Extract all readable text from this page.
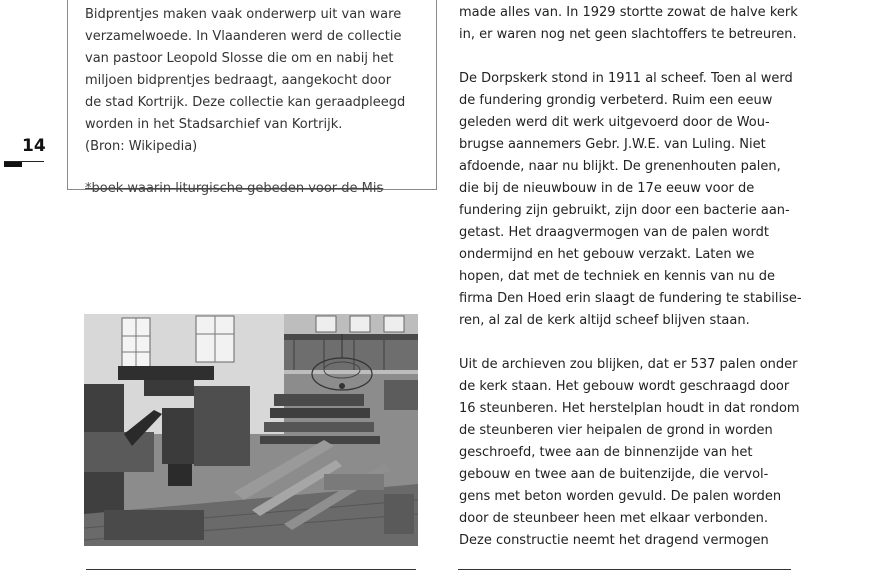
14

Bidprentjes maken vaak onderwerp uit van ware

verzamelwoede. In Vlaanderen werd de collectie

van pastoor Leopold Slosse die om en nabij het

miljoen bidprentjes bedraagt, aangekocht door

de stad Kortrijk. Deze collectie kan geraadpleegd

worden in het Stadsarchief van Kortrijk.

(Bron: Wikipedia)

*boek waarin liturgische gebeden voor de Mis

made alles van. In 1929 stortte zowat de halve kerk
in, er waren nog net geen slachtoffers te betreuren.

De Dorpskerk stond in 1911 al scheef. Toen al werd
de fundering grondig verbeterd. Ruim een eeuw
geleden werd dit werk uitgevoerd door de Wou-
brugse aannemers Gebr. J.W.E. van Luling. Niet
afdoende, naar nu blijkt. De grenenhouten palen,
die bij de nieuwbouw in de 17e eeuw voor de
fundering zijn gebruikt, zijn door een bacterie aan-
getast. Het draagvermogen van de palen wordt
ondermijnd en het gebouw verzakt. Laten we
hopen, dat met de techniek en kennis van nu de
firma Den Hoed erin slaagt de fundering te stabilise-
ren, al zal de kerk altijd scheef blijven staan.

Uit de archieven zou blijken, dat er 537 palen onder
de kerk staan. Het gebouw wordt geschraagd door
16 steunberen. Het herstelplan houdt in dat rondom
de steunberen vier heipalen de grond in worden
geschroefd, twee aan de binnenzijde van het
gebouw en twee aan de buitenzijde, die vervol-
gens met beton worden gevuld. De palen worden
door de steunbeer heen met elkaar verbonden.
Deze constructie neemt het dragend vermogen
